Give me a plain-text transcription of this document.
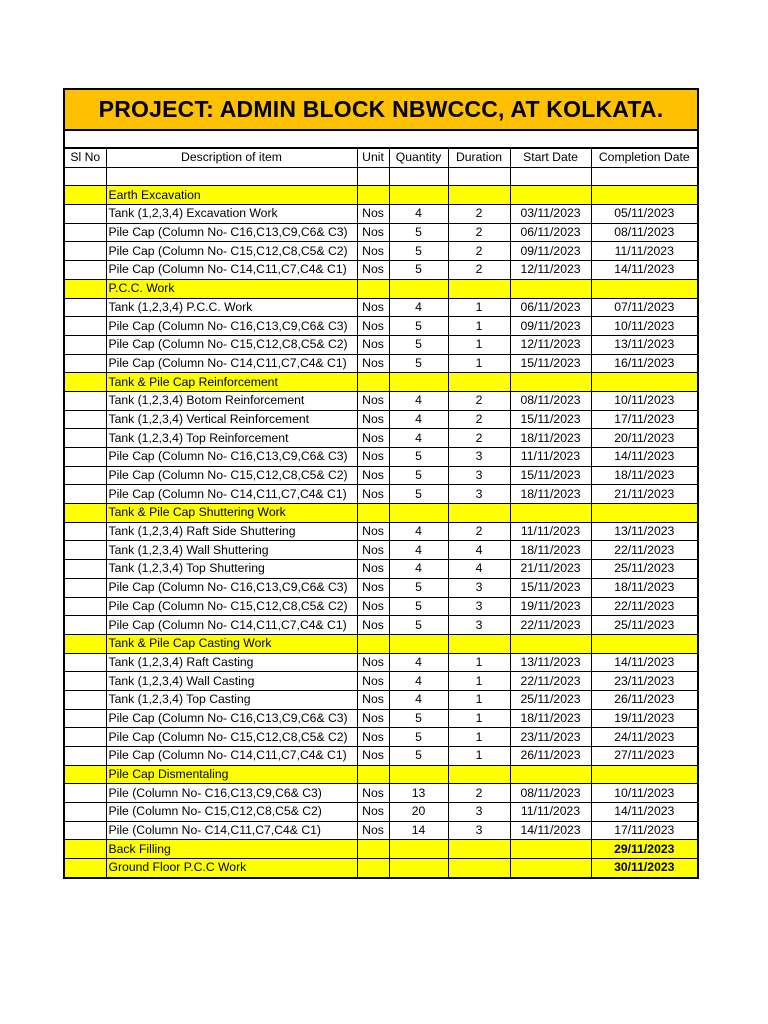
PROJECT: ADMIN BLOCK NBWCCC, AT KOLKATA.
Sl No	Description of item	Unit	Quantity	Duration	Start Date	Completion Date

	Earth Excavation					
	Tank (1,2,3,4) Excavation Work	Nos	4	2	03/11/2023	05/11/2023
	Pile Cap (Column No- C16,C13,C9,C6& C3)	Nos	5	2	06/11/2023	08/11/2023
	Pile Cap (Column No- C15,C12,C8,C5& C2)	Nos	5	2	09/11/2023	11/11/2023
	Pile Cap (Column No- C14,C11,C7,C4& C1)	Nos	5	2	12/11/2023	14/11/2023
	P.C.C. Work					
	Tank (1,2,3,4) P.C.C. Work	Nos	4	1	06/11/2023	07/11/2023
	Pile Cap (Column No- C16,C13,C9,C6& C3)	Nos	5	1	09/11/2023	10/11/2023
	Pile Cap (Column No- C15,C12,C8,C5& C2)	Nos	5	1	12/11/2023	13/11/2023
	Pile Cap (Column No- C14,C11,C7,C4& C1)	Nos	5	1	15/11/2023	16/11/2023
	Tank & Pile Cap Reinforcement					
	Tank (1,2,3,4) Botom Reinforcement	Nos	4	2	08/11/2023	10/11/2023
	Tank (1,2,3,4) Vertical Reinforcement	Nos	4	2	15/11/2023	17/11/2023
	Tank (1,2,3,4) Top Reinforcement	Nos	4	2	18/11/2023	20/11/2023
	Pile Cap (Column No- C16,C13,C9,C6& C3)	Nos	5	3	11/11/2023	14/11/2023
	Pile Cap (Column No- C15,C12,C8,C5& C2)	Nos	5	3	15/11/2023	18/11/2023
	Pile Cap (Column No- C14,C11,C7,C4& C1)	Nos	5	3	18/11/2023	21/11/2023
	Tank & Pile Cap Shuttering Work					
	Tank (1,2,3,4) Raft Side Shuttering	Nos	4	2	11/11/2023	13/11/2023
	Tank (1,2,3,4) Wall Shuttering	Nos	4	4	18/11/2023	22/11/2023
	Tank (1,2,3,4) Top Shuttering	Nos	4	4	21/11/2023	25/11/2023
	Pile Cap (Column No- C16,C13,C9,C6& C3)	Nos	5	3	15/11/2023	18/11/2023
	Pile Cap (Column No- C15,C12,C8,C5& C2)	Nos	5	3	19/11/2023	22/11/2023
	Pile Cap (Column No- C14,C11,C7,C4& C1)	Nos	5	3	22/11/2023	25/11/2023
	Tank & Pile Cap Casting Work					
	Tank (1,2,3,4) Raft Casting	Nos	4	1	13/11/2023	14/11/2023
	Tank (1,2,3,4) Wall Casting	Nos	4	1	22/11/2023	23/11/2023
	Tank (1,2,3,4) Top Casting	Nos	4	1	25/11/2023	26/11/2023
	Pile Cap (Column No- C16,C13,C9,C6& C3)	Nos	5	1	18/11/2023	19/11/2023
	Pile Cap (Column No- C15,C12,C8,C5& C2)	Nos	5	1	23/11/2023	24/11/2023
	Pile Cap (Column No- C14,C11,C7,C4& C1)	Nos	5	1	26/11/2023	27/11/2023
	Pile Cap Dismentaling					
	Pile (Column No- C16,C13,C9,C6& C3)	Nos	13	2	08/11/2023	10/11/2023
	Pile (Column No- C15,C12,C8,C5& C2)	Nos	20	3	11/11/2023	14/11/2023
	Pile (Column No- C14,C11,C7,C4& C1)	Nos	14	3	14/11/2023	17/11/2023
	Back Filling					29/11/2023
	Ground Floor P.C.C Work					30/11/2023
